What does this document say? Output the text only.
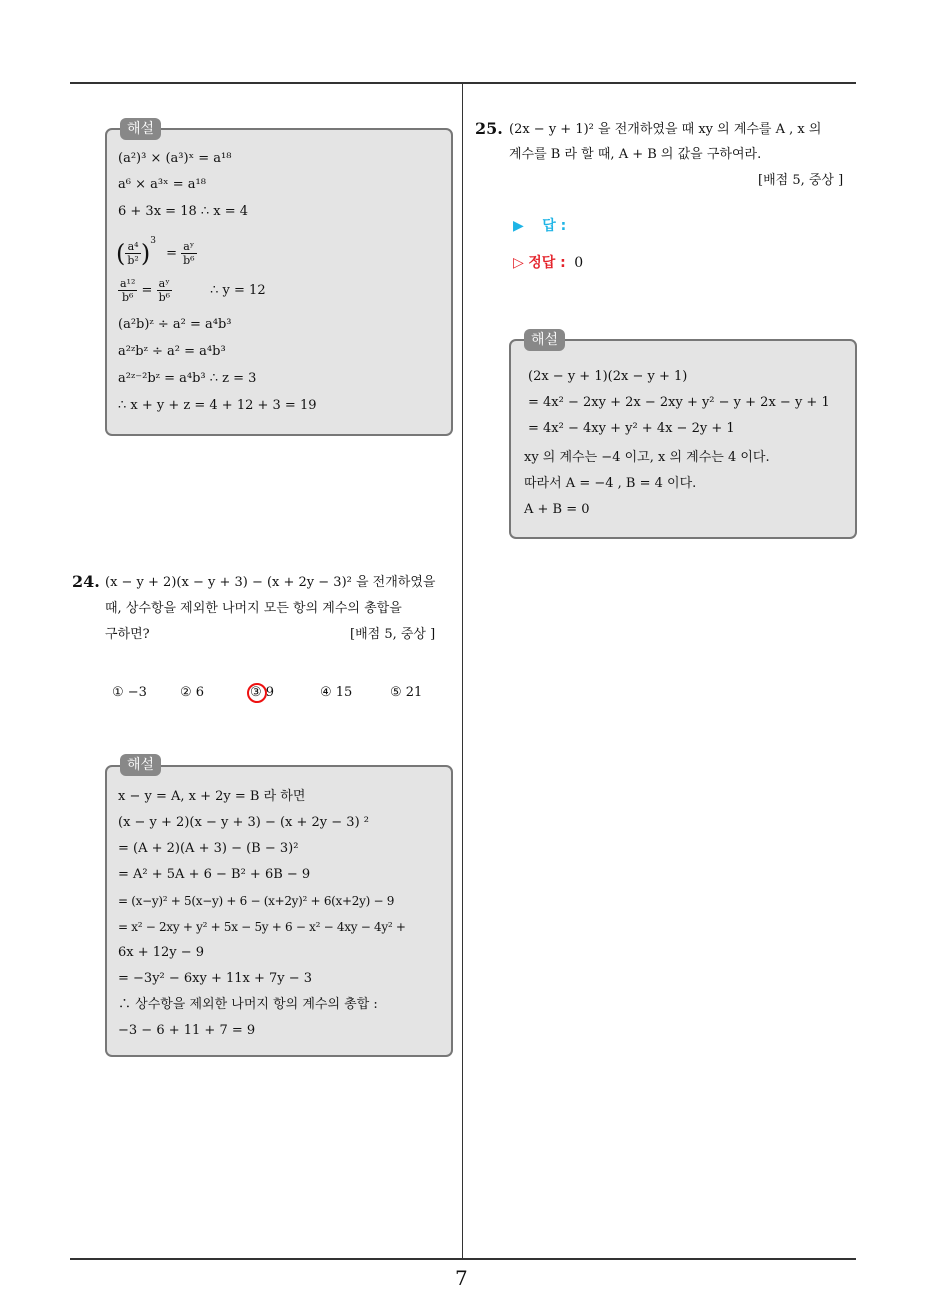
7
해설
(a²)³ × (a³)ˣ = a¹⁸
a⁶ × a³ˣ = a¹⁸
6 + 3x = 18 ∴ x = 4
( $\frac{\text{a⁴}}{\text{b²}} )^3 = \frac{\text{aʸ}}{\text{b⁶}}$
$\frac{\text{a¹²}}{\text{b⁶}} = \frac{\text{aʸ}}{\text{b⁶}}$	∴ y = 12
(a²b)ᶻ ÷ a² = a⁴b³
a²ᶻbᶻ ÷ a² = a⁴b³
a²ᶻ⁻²bᶻ = a⁴b³ ∴ z = 3
∴ x + y + z = 4 + 12 + 3 = 19
24. (x − y + 2)(x − y + 3) − (x + 2y − 3)² 을 전개하였을
때, 상수항을 제외한 나머지 모든 항의 계수의 총합을
구하면?	[배점 5, 중상 ]
① −3	② 6	③ 9	④ 15	⑤ 21
해설
x − y = A, x + 2y = B 라 하면
(x − y + 2)(x − y + 3) − (x + 2y − 3) ²
= (A + 2)(A + 3) − (B − 3)²
= A² + 5A + 6 − B² + 6B − 9
= (x−y)² + 5(x−y) + 6 − (x+2y)² + 6(x+2y) − 9
= x² − 2xy + y² + 5x − 5y + 6 − x² − 4xy − 4y² +
6x + 12y − 9
= −3y² − 6xy + 11x + 7y − 3
∴ 상수항을 제외한 나머지 항의 계수의 총합 :
−3 − 6 + 11 + 7 = 9
25. (2x − y + 1)² 을 전개하였을 때 xy 의 계수를 A , x 의
계수를 B 라 할 때, A + B 의 값을 구하여라.
[배점 5, 중상 ]
▶ 답 :
▷ 정답 : 0
해설
(2x − y + 1)(2x − y + 1)
= 4x² − 2xy + 2x − 2xy + y² − y + 2x − y + 1
= 4x² − 4xy + y² + 4x − 2y + 1
xy 의 계수는 −4 이고, x 의 계수는 4 이다.
따라서 A = −4 , B = 4 이다.
A + B = 0
